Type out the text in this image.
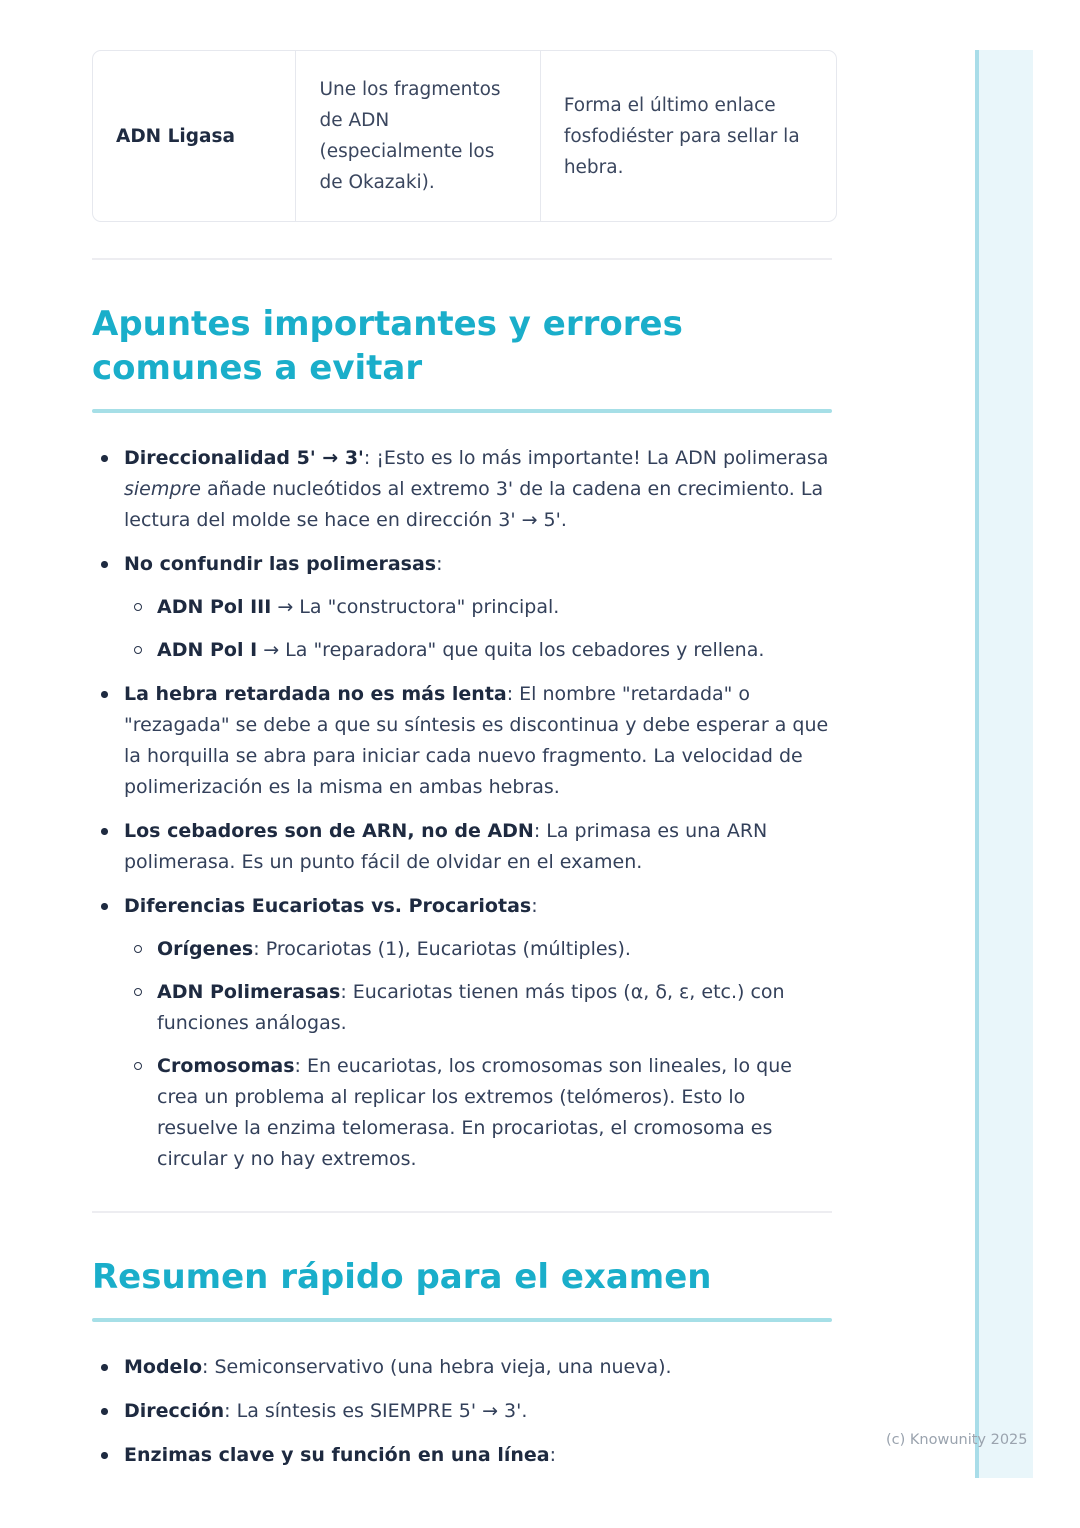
ADN Ligasa
Une los fragmentos de ADN (especialmente los de Okazaki).
Forma el último enlace fosfodiéster para sellar la hebra.
Apuntes importantes y errores comunes a evitar
Direccionalidad 5' → 3': ¡Esto es lo más importante! La ADN polimerasa siempre añade nucleótidos al extremo 3' de la cadena en crecimiento. La lectura del molde se hace en dirección 3' → 5'.
No confundir las polimerasas:
ADN Pol III → La "constructora" principal.
ADN Pol I → La "reparadora" que quita los cebadores y rellena.
La hebra retardada no es más lenta: El nombre "retardada" o "rezagada" se debe a que su síntesis es discontinua y debe esperar a que la horquilla se abra para iniciar cada nuevo fragmento. La velocidad de polimerización es la misma en ambas hebras.
Los cebadores son de ARN, no de ADN: La primasa es una ARN polimerasa. Es un punto fácil de olvidar en el examen.
Diferencias Eucariotas vs. Procariotas:
Orígenes: Procariotas (1), Eucariotas (múltiples).
ADN Polimerasas: Eucariotas tienen más tipos (α, δ, ε, etc.) con funciones análogas.
Cromosomas: En eucariotas, los cromosomas son lineales, lo que crea un problema al replicar los extremos (telómeros). Esto lo resuelve la enzima telomerasa. En procariotas, el cromosoma es circular y no hay extremos.
Resumen rápido para el examen
Modelo: Semiconservativo (una hebra vieja, una nueva).
Dirección: La síntesis es SIEMPRE 5' → 3'.
Enzimas clave y su función en una línea:
(c) Knowunity 2025
